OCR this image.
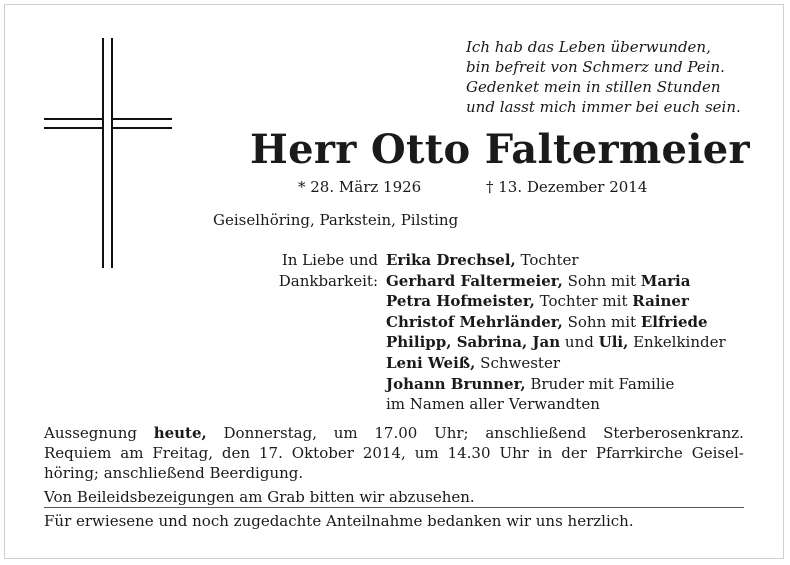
Ich hab das Leben überwunden,
bin befreit von Schmerz und Pein.
Gedenket mein in stillen Stunden
und lasst mich immer bei euch sein.
Herr Otto Faltermeier
* 28. März 1926	† 13. Dezember 2014
Geiselhöring, Parkstein, Pilsting
In Liebe und
Dankbarkeit:
Erika Drechsel, Tochter
Gerhard Faltermeier, Sohn mit Maria
Petra Hofmeister, Tochter mit Rainer
Christof Mehrländer, Sohn mit Elfriede
Philipp, Sabrina, Jan und Uli, Enkelkinder
Leni Weiß, Schwester
Johann Brunner, Bruder mit Familie
im Namen aller Verwandten
Aussegnung heute, Donnerstag, um 17.00 Uhr; anschließend Sterberosenkranz.
Requiem am Freitag, den 17. Oktober 2014, um 14.30 Uhr in der Pfarrkirche Geisel-
höring; anschließend Beerdigung.
Von Beileidsbezeigungen am Grab bitten wir abzusehen.
Für erwiesene und noch zugedachte Anteilnahme bedanken wir uns herzlich.
